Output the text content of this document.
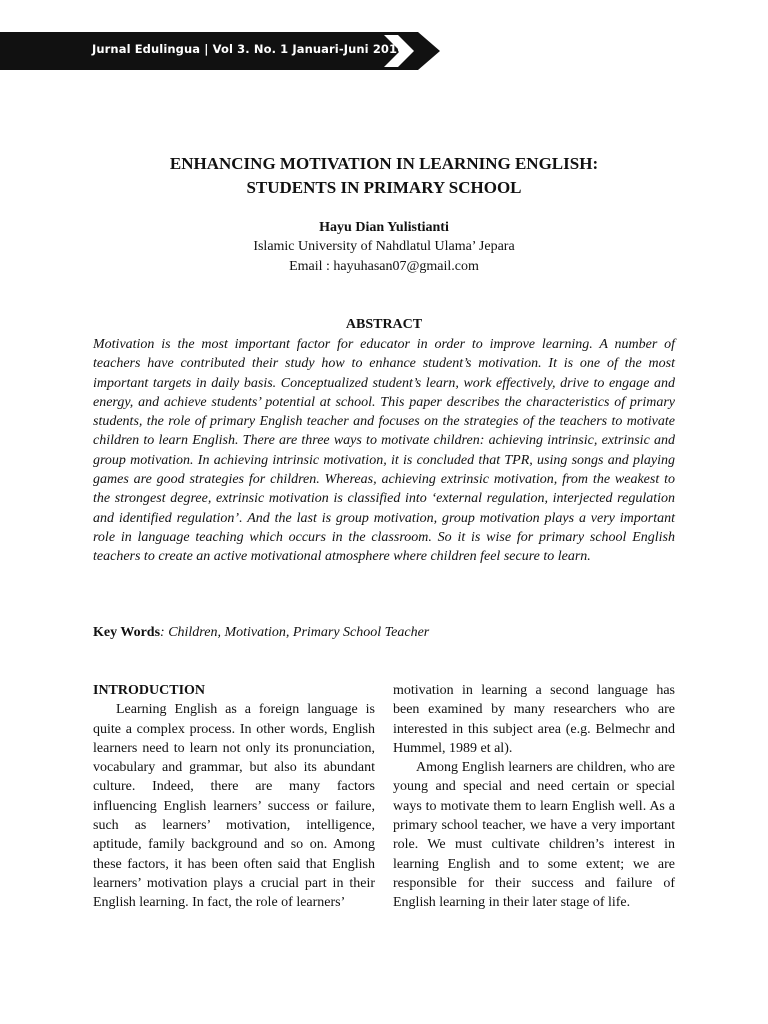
Jurnal Edulingua | Vol 3. No. 1 Januari-Juni 2016
ENHANCING MOTIVATION IN LEARNING ENGLISH:
STUDENTS IN PRIMARY SCHOOL
Hayu Dian Yulistianti
Islamic University of Nahdlatul Ulama’ Jepara
Email : hayuhasan07@gmail.com
ABSTRACT

Motivation is the most important factor for educator in order to improve learning. A number of teachers have contributed their study how to enhance student’s motivation. It is one of the most important targets in daily basis. Conceptualized student’s learn, work effectively, drive to engage and energy, and achieve students’ potential at school. This paper describes the characteristics of primary students, the role of primary English teacher and focuses on the strategies of the teachers to motivate children to learn English. There are three ways to motivate children: achieving intrinsic, extrinsic and group motivation. In achieving intrinsic motivation, it is concluded that TPR, using songs and playing games are good strategies for children. Whereas, achieving extrinsic motivation, from the weakest to the strongest degree, extrinsic motivation is classified into ‘external regulation, interjected regulation and identified regulation’. And the last is group motivation, group motivation plays a very important role in language teaching which occurs in the classroom. So it is wise for primary school English teachers to create an active motivational atmosphere where children feel secure to learn.

Key Words: Children, Motivation, Primary School Teacher

INTRODUCTION

Learning English as a foreign language is quite a complex process. In other words, English learners need to learn not only its pronunciation, vocabulary and grammar, but also its abundant culture. Indeed, there are many factors influencing English learners’ success or failure, such as learners’ motivation, intelligence, aptitude, family background and so on. Among these factors, it has been often said that English learners’ motivation plays a crucial part in their English learning. In fact, the role of learners’

motivation in learning a second language has been examined by many researchers who are interested in this subject area (e.g. Belmechr and Hummel, 1989 et al).

Among English learners are children, who are young and special and need certain or special ways to motivate them to learn English well. As a primary school teacher, we have a very important role. We must cultivate children’s interest in learning English and to some extent; we are responsible for their success and failure of English learning in their later stage of life.
